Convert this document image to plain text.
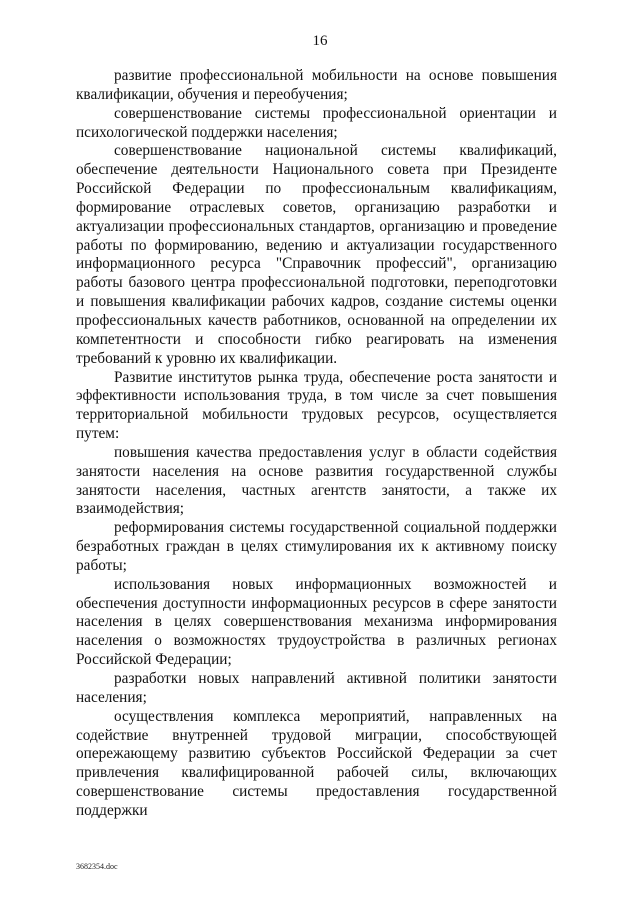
16

развитие профессиональной мобильности на основе повышения квалификации, обучения и переобучения;

совершенствование системы профессиональной ориентации и психологической поддержки населения;

совершенствование национальной системы квалификаций, обеспечение деятельности Национального совета при Президенте Российской Федерации по профессиональным квалификациям, формирование отраслевых советов, организацию разработки и актуализации профессиональных стандартов, организацию и проведение работы по формированию, ведению и актуализации государственного информационного ресурса "Справочник профессий", организацию работы базового центра профессиональной подготовки, переподготовки и повышения квалификации рабочих кадров, создание системы оценки профессиональных качеств работников, основанной на определении их компетентности и способности гибко реагировать на изменения требований к уровню их квалификации.

Развитие институтов рынка труда, обеспечение роста занятости и эффективности использования труда, в том числе за счет повышения территориальной мобильности трудовых ресурсов, осуществляется путем:

повышения качества предоставления услуг в области содействия занятости населения на основе развития государственной службы занятости населения, частных агентств занятости, а также их взаимодействия;

реформирования системы государственной социальной поддержки безработных граждан в целях стимулирования их к активному поиску работы;

использования новых информационных возможностей и обеспечения доступности информационных ресурсов в сфере занятости населения в целях совершенствования механизма информирования населения о возможностях трудоустройства в различных регионах Российской Федерации;

разработки новых направлений активной политики занятости населения;

осуществления комплекса мероприятий, направленных на содействие внутренней трудовой миграции, способствующей опережающему развитию субъектов Российской Федерации за счет привлечения квалифицированной рабочей силы, включающих совершенствование системы предоставления государственной поддержки

3682354.doc
